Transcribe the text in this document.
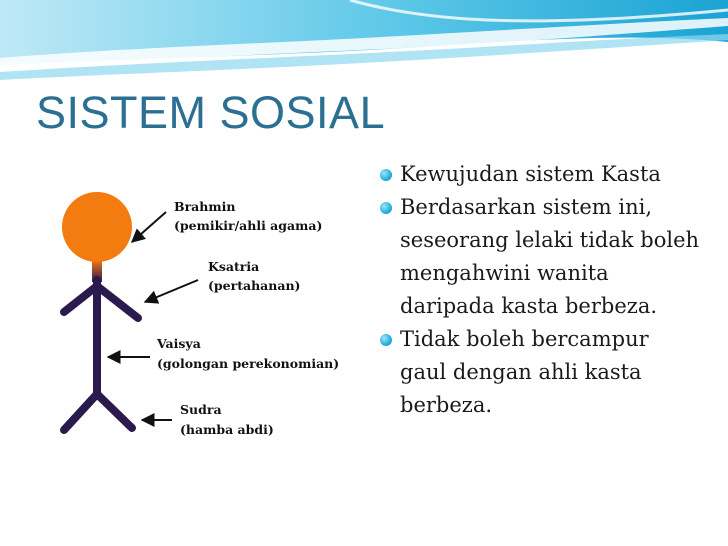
SISTEM SOSIAL
Brahmin
(pemikir/ahli agama)
Ksatria
(pertahanan)
Vaisya
(golongan perekonomian)
Sudra
(hamba abdi)
Kewujudan sistem Kasta
Berdasarkan sistem ini, seseorang lelaki tidak boleh mengahwini wanita daripada kasta berbeza.
Tidak boleh bercampur gaul dengan ahli kasta berbeza.
